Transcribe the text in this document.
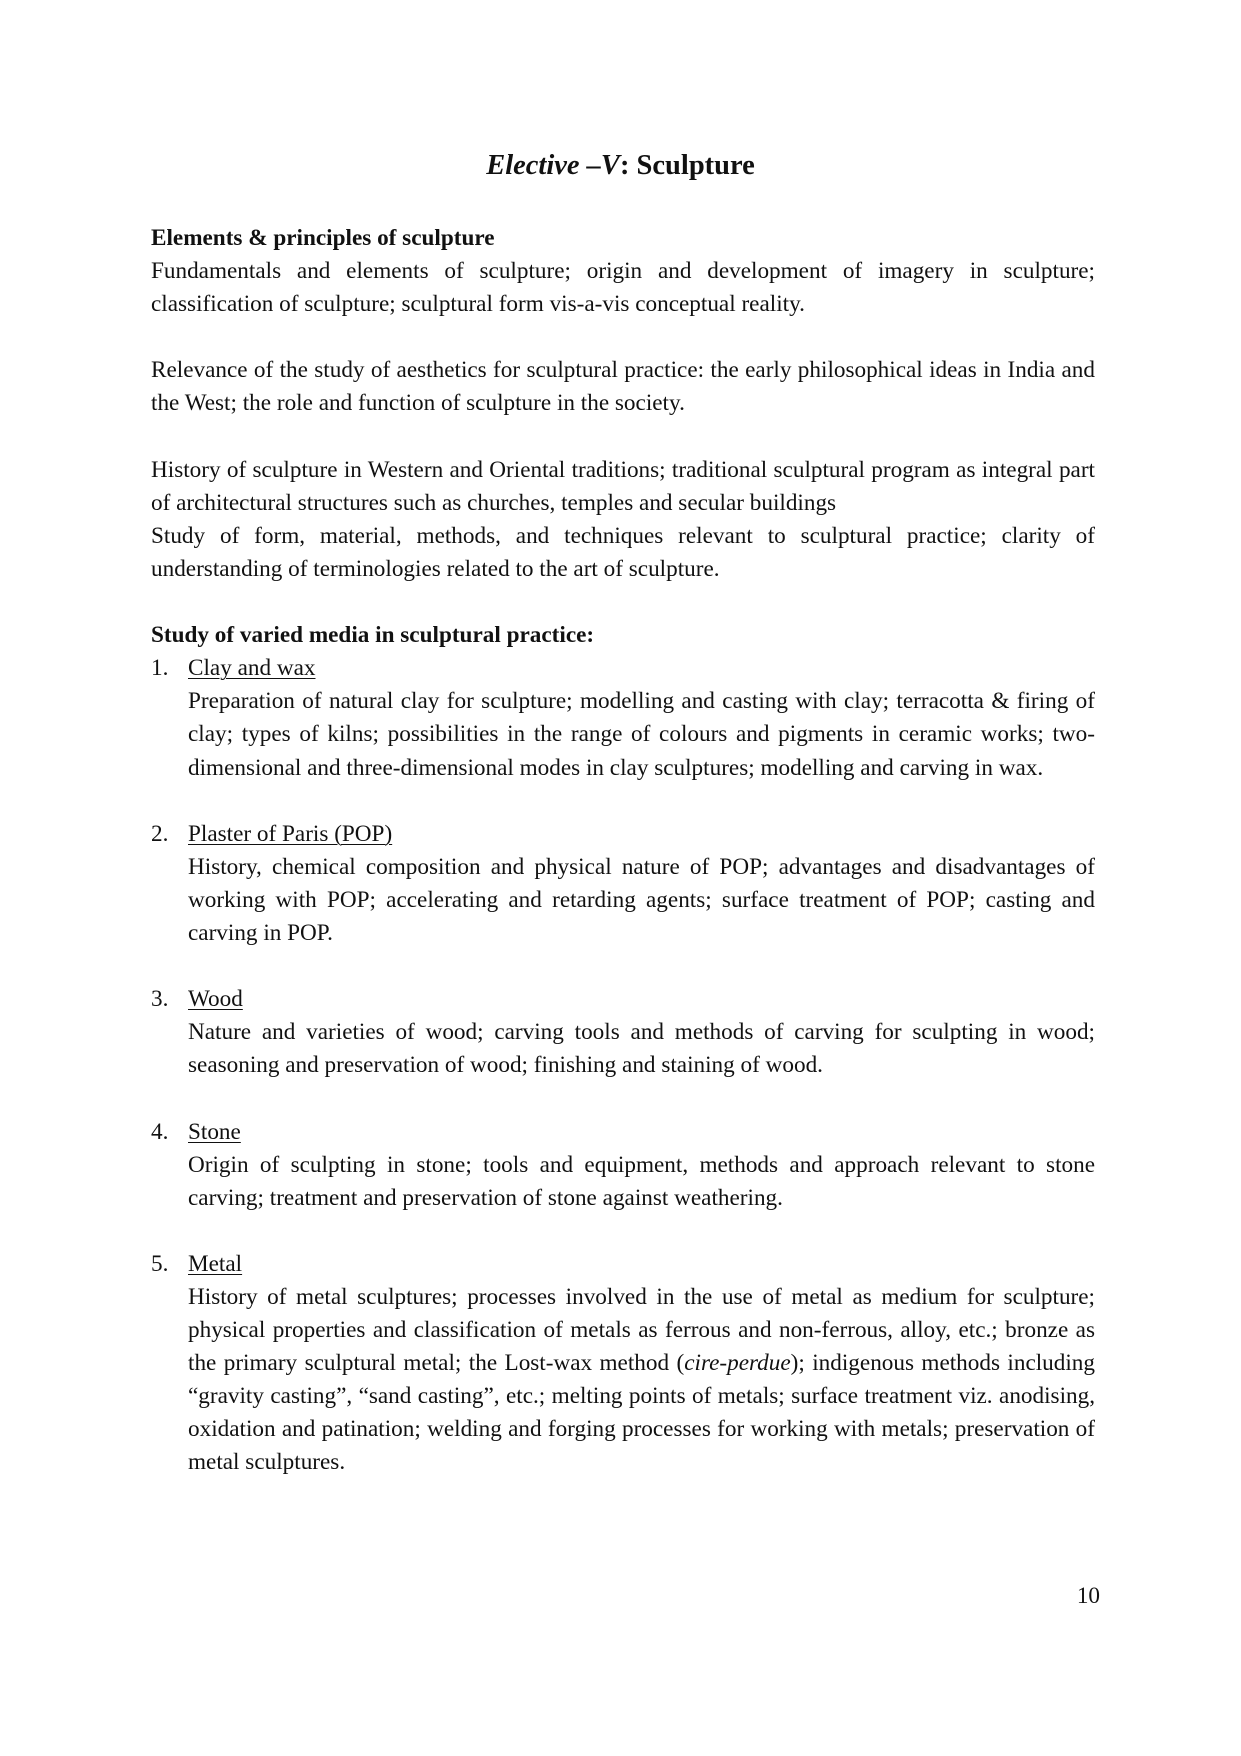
Elective –V: Sculpture

Elements & principles of sculpture

Fundamentals and elements of sculpture; origin and development of imagery in sculpture; classification of sculpture; sculptural form vis-a-vis conceptual reality.

Relevance of the study of aesthetics for sculptural practice: the early philosophical ideas in India and the West; the role and function of sculpture in the society.

History of sculpture in Western and Oriental traditions; traditional sculptural program as integral part of architectural structures such as churches, temples and secular buildings

Study of form, material, methods, and techniques relevant to sculptural practice; clarity of understanding of terminologies related to the art of sculpture.

Study of varied media in sculptural practice:

1. Clay and wax

Preparation of natural clay for sculpture; modelling and casting with clay; terracotta & firing of clay; types of kilns; possibilities in the range of colours and pigments in ceramic works; two-dimensional and three-dimensional modes in clay sculptures; modelling and carving in wax.

2. Plaster of Paris (POP)

History, chemical composition and physical nature of POP; advantages and disadvantages of working with POP; accelerating and retarding agents; surface treatment of POP; casting and carving in POP.

3. Wood

Nature and varieties of wood; carving tools and methods of carving for sculpting in wood; seasoning and preservation of wood; finishing and staining of wood.

4. Stone

Origin of sculpting in stone; tools and equipment, methods and approach relevant to stone carving; treatment and preservation of stone against weathering.

5. Metal

History of metal sculptures; processes involved in the use of metal as medium for sculpture; physical properties and classification of metals as ferrous and non-ferrous, alloy, etc.; bronze as the primary sculptural metal; the Lost-wax method (cire-perdue); indigenous methods including “gravity casting”, “sand casting”, etc.; melting points of metals; surface treatment viz. anodising, oxidation and patination; welding and forging processes for working with metals; preservation of metal sculptures.

10
